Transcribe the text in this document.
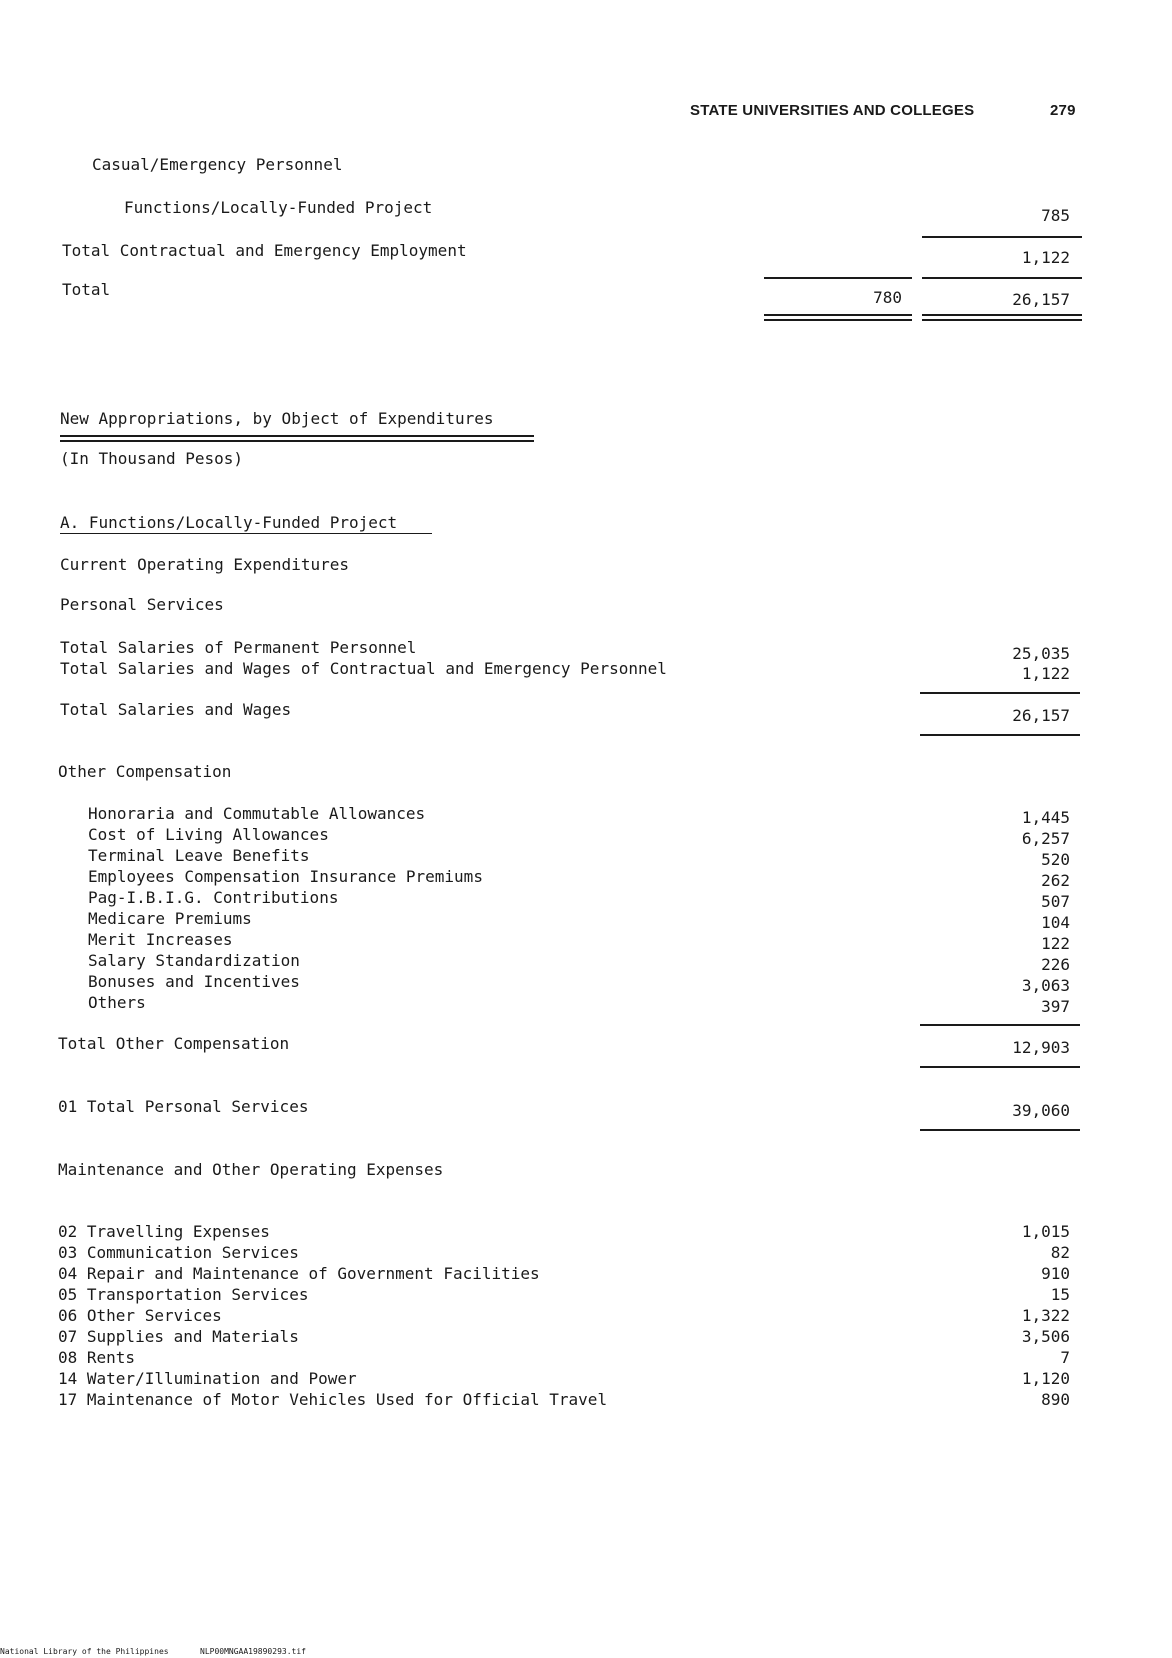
STATE UNIVERSITIES AND COLLEGES	279
Casual/Emergency Personnel
Functions/Locally-Funded Project	785
Total Contractual and Emergency Employment	1,122
Total	780	26,157
New Appropriations, by Object of Expenditures
(In Thousand Pesos)
A. Functions/Locally-Funded Project
Current Operating Expenditures
Personal Services
Total Salaries of Permanent Personnel	25,035
Total Salaries and Wages of Contractual and Emergency Personnel	1,122
Total Salaries and Wages	26,157
Other Compensation
Honoraria and Commutable Allowances	1,445
Cost of Living Allowances	6,257
Terminal Leave Benefits	520
Employees Compensation Insurance Premiums	262
Pag-I.B.I.G. Contributions	507
Medicare Premiums	104
Merit Increases	122
Salary Standardization	226
Bonuses and Incentives	3,063
Others	397
Total Other Compensation	12,903
01 Total Personal Services	39,060
Maintenance and Other Operating Expenses
02 Travelling Expenses	1,015
03 Communication Services	82
04 Repair and Maintenance of Government Facilities	910
05 Transportation Services	15
06 Other Services	1,322
07 Supplies and Materials	3,506
08 Rents	7
14 Water/Illumination and Power	1,120
17 Maintenance of Motor Vehicles Used for Official Travel	890
National Library of the Philippines	NLP00MNGAA19890293.tif
